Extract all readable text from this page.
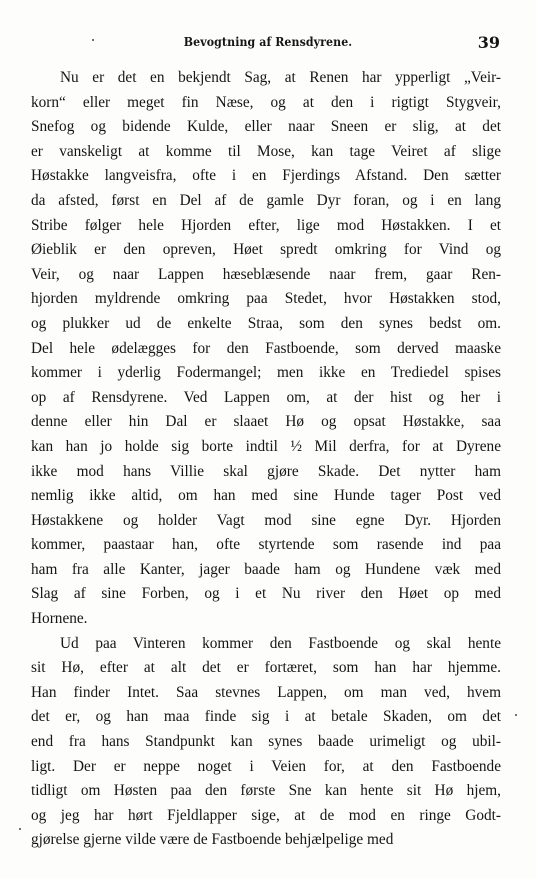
Bevogtning af Rensdyrene.	39
Nu er det en bekjendt Sag, at Renen har ypperligt „Veir-
korn“ eller meget fin Næse, og at den i rigtigt Stygveir,
Snefog og bidende Kulde, eller naar Sneen er slig, at det
er vanskeligt at komme til Mose, kan tage Veiret af slige
Høstakke langveisfra, ofte i en Fjerdings Afstand. Den sætter
da afsted, først en Del af de gamle Dyr foran, og i en lang
Stribe følger hele Hjorden efter, lige mod Høstakken. I et
Øieblik er den opreven, Høet spredt omkring for Vind og
Veir, og naar Lappen hæseblæsende naar frem, gaar Ren-
hjorden myldrende omkring paa Stedet, hvor Høstakken stod,
og plukker ud de enkelte Straa, som den synes bedst om.
Del hele ødelægges for den Fastboende, som derved maaske
kommer i yderlig Fodermangel; men ikke en Trediedel spises
op af Rensdyrene. Ved Lappen om, at der hist og her i
denne eller hin Dal er slaaet Hø og opsat Høstakke, saa
kan han jo holde sig borte indtil ½ Mil derfra, for at Dyrene
ikke mod hans Villie skal gjøre Skade. Det nytter ham
nemlig ikke altid, om han med sine Hunde tager Post ved
Høstakkene og holder Vagt mod sine egne Dyr. Hjorden
kommer, paastaar han, ofte styrtende som rasende ind paa
ham fra alle Kanter, jager baade ham og Hundene væk med
Slag af sine Forben, og i et Nu river den Høet op med
Hornene.
Ud paa Vinteren kommer den Fastboende og skal hente
sit Hø, efter at alt det er fortæret, som han har hjemme.
Han finder Intet. Saa stevnes Lappen, om man ved, hvem
det er, og han maa finde sig i at betale Skaden, om det
end fra hans Standpunkt kan synes baade urimeligt og ubil-
ligt. Der er neppe noget i Veien for, at den Fastboende
tidligt om Høsten paa den første Sne kan hente sit Hø hjem,
og jeg har hørt Fjeldlapper sige, at de mod en ringe Godt-
gjørelse gjerne vilde være de Fastboende behjælpelige med
